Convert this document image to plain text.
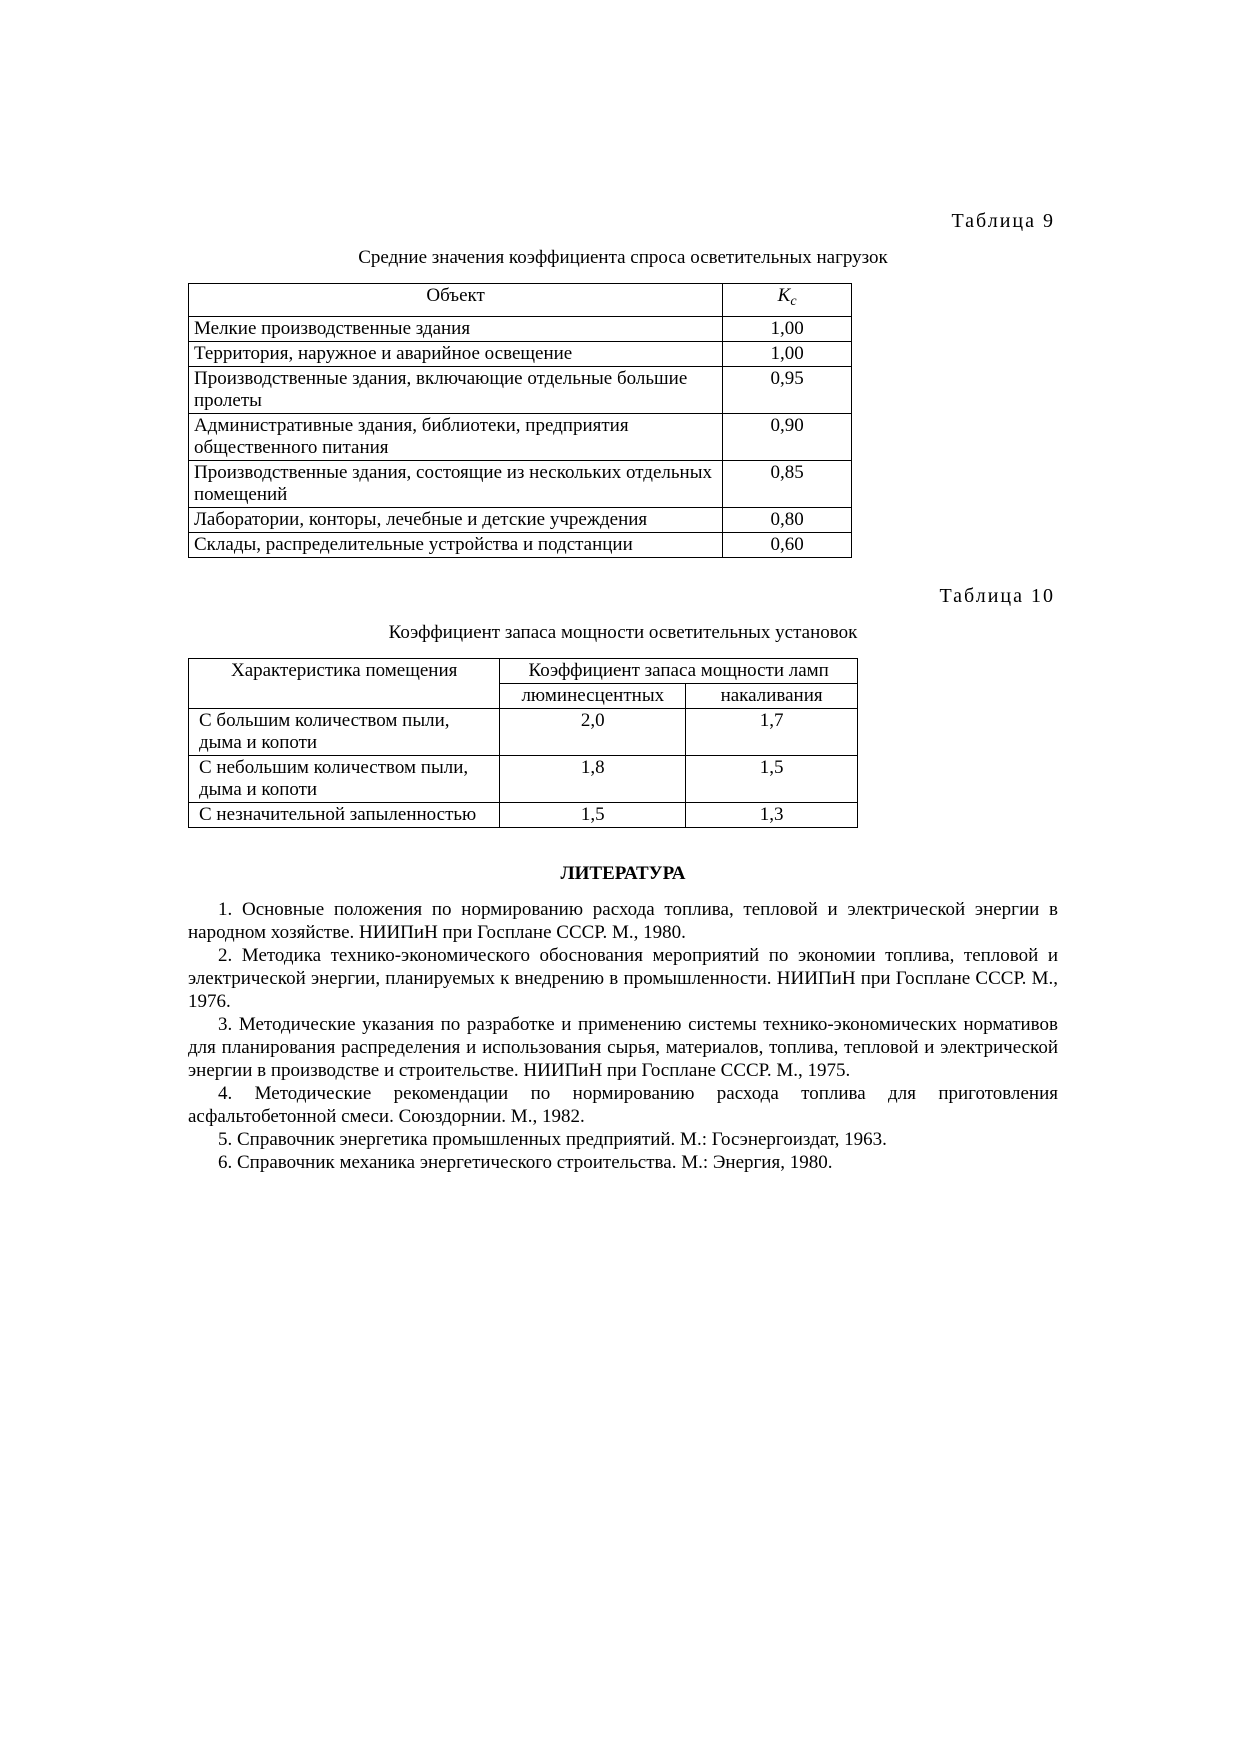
Таблица 9
Средние значения коэффициента спроса осветительных нагрузок
Объект	$K_c$
Мелкие производственные здания	1,00
Территория, наружное и аварийное освещение	1,00
Производственные здания, включающие отдельные большие пролеты	0,95
Административные здания, библиотеки, предприятия общественного питания	0,90
Производственные здания, состоящие из нескольких отдельных помещений	0,85
Лаборатории, конторы, лечебные и детские учреждения	0,80
Склады, распределительные устройства и подстанции	0,60
Таблица 10
Коэффициент запаса мощности осветительных установок
Характеристика помещения	Коэффициент запаса мощности ламп	
	люминесцентных	накаливания
С большим количеством пыли, дыма и копоти	2,0	1,7
С небольшим количеством пыли, дыма и копоти	1,8	1,5
С незначительной запыленностью	1,5	1,3
ЛИТЕРАТУРА

1. Основные положения по нормированию расхода топлива, тепловой и электрической энергии в народном хозяйстве. НИИПиН при Госплане СССР. М., 1980.

2. Методика технико-экономического обоснования мероприятий по экономии топлива, тепловой и электрической энергии, планируемых к внедрению в промышленности. НИИПиН при Госплане СССР. М., 1976.

3. Методические указания по разработке и применению системы технико-экономических нормативов для планирования распределения и использования сырья, материалов, топлива, тепловой и электрической энергии в производстве и строительстве. НИИПиН при Госплане СССР. М., 1975.

4. Методические рекомендации по нормированию расхода топлива для приготовления асфальтобетонной смеси. Союздорнии. М., 1982.

5. Справочник энергетика промышленных предприятий. М.: Госэнергоиздат, 1963.

6. Справочник механика энергетического строительства. М.: Энергия, 1980.
